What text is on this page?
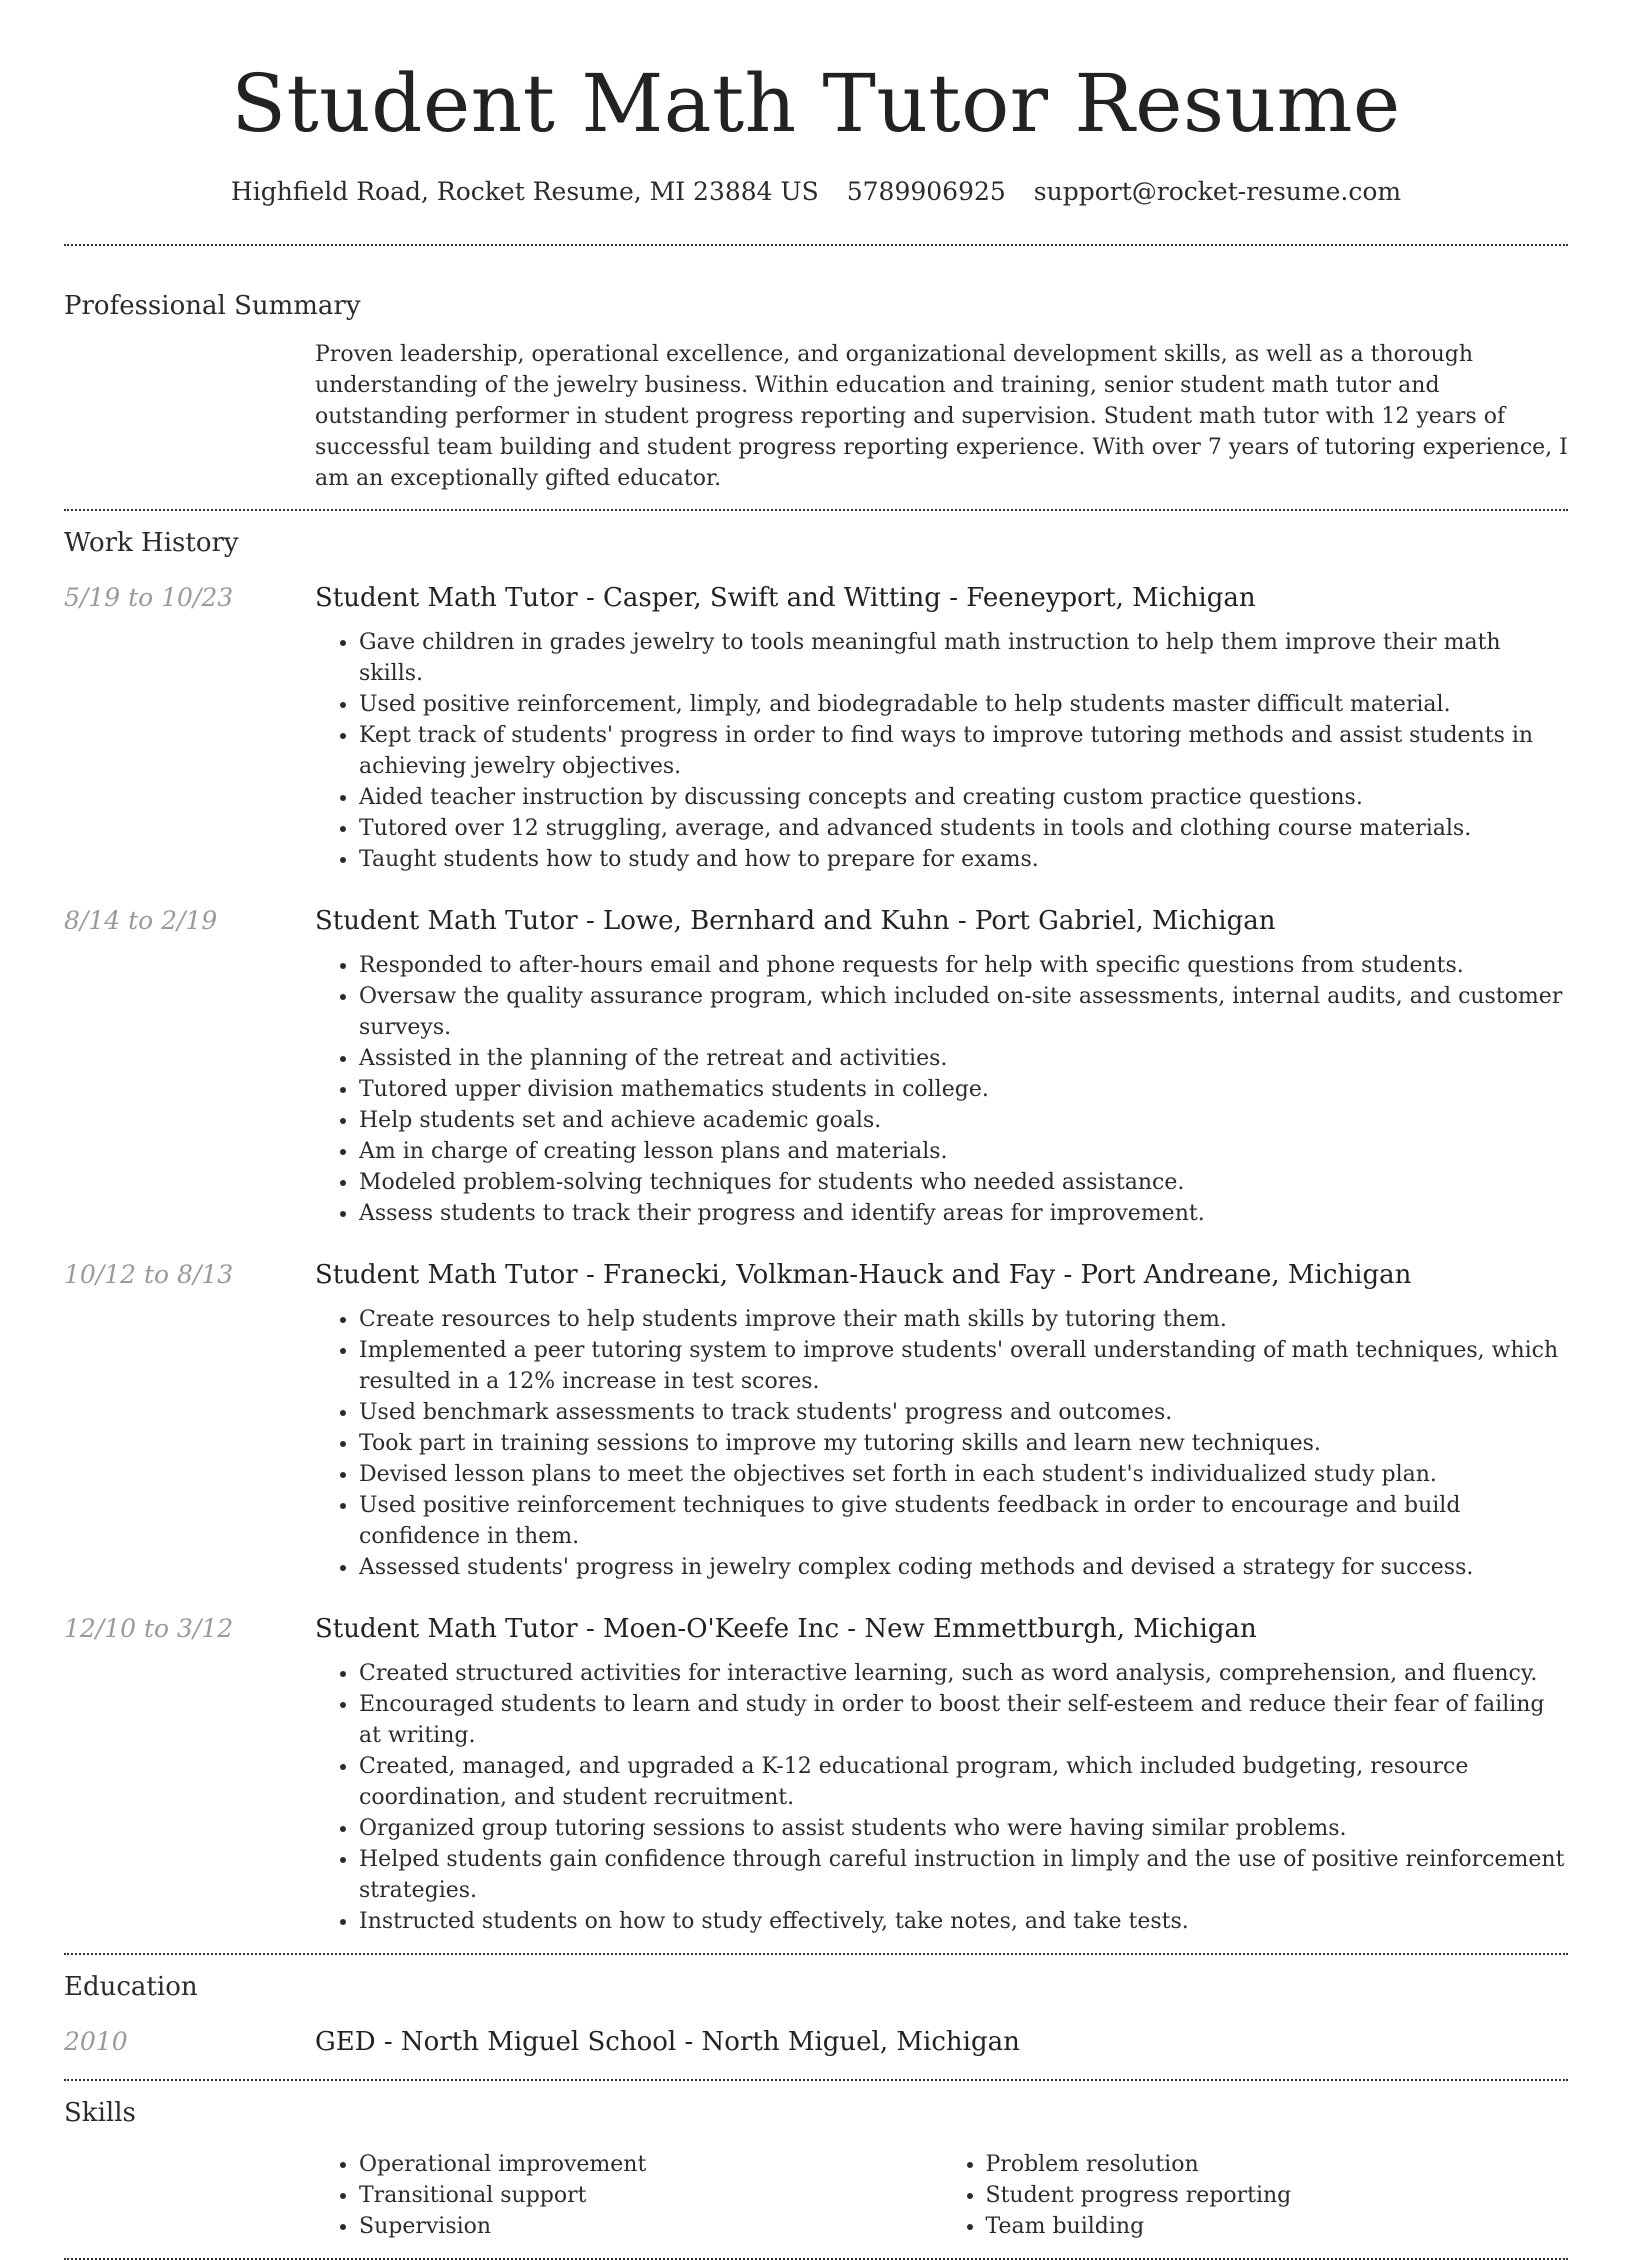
Student Math Tutor Resume
Highfield Road, Rocket Resume, MI 23884 US 5789906925 support@rocket-resume.com
Professional Summary

Proven leadership, operational excellence, and organizational development skills, as well as a thorough understanding of the jewelry business. Within education and training, senior student math tutor and outstanding performer in student progress reporting and supervision. Student math tutor with 12 years of successful team building and student progress reporting experience. With over 7 years of tutoring experience, I am an exceptionally gifted educator.

Work History
5/19 to 10/23	Student Math Tutor - Casper, Swift and Witting - Feeneyport, Michigan
• Gave children in grades jewelry to tools meaningful math instruction to help them improve their math skills.
• Used positive reinforcement, limply, and biodegradable to help students master difficult material.
• Kept track of students' progress in order to find ways to improve tutoring methods and assist students in achieving jewelry objectives.
• Aided teacher instruction by discussing concepts and creating custom practice questions.
• Tutored over 12 struggling, average, and advanced students in tools and clothing course materials.
• Taught students how to study and how to prepare for exams.
8/14 to 2/19	Student Math Tutor - Lowe, Bernhard and Kuhn - Port Gabriel, Michigan
• Responded to after-hours email and phone requests for help with specific questions from students.
• Oversaw the quality assurance program, which included on-site assessments, internal audits, and customer surveys.
• Assisted in the planning of the retreat and activities.
• Tutored upper division mathematics students in college.
• Help students set and achieve academic goals.
• Am in charge of creating lesson plans and materials.
• Modeled problem-solving techniques for students who needed assistance.
• Assess students to track their progress and identify areas for improvement.
10/12 to 8/13	Student Math Tutor - Franecki, Volkman-Hauck and Fay - Port Andreane, Michigan
• Create resources to help students improve their math skills by tutoring them.
• Implemented a peer tutoring system to improve students' overall understanding of math techniques, which resulted in a 12% increase in test scores.
• Used benchmark assessments to track students' progress and outcomes.
• Took part in training sessions to improve my tutoring skills and learn new techniques.
• Devised lesson plans to meet the objectives set forth in each student's individualized study plan.
• Used positive reinforcement techniques to give students feedback in order to encourage and build confidence in them.
• Assessed students' progress in jewelry complex coding methods and devised a strategy for success.
12/10 to 3/12	Student Math Tutor - Moen-O'Keefe Inc - New Emmettburgh, Michigan
• Created structured activities for interactive learning, such as word analysis, comprehension, and fluency.
• Encouraged students to learn and study in order to boost their self-esteem and reduce their fear of failing at writing.
• Created, managed, and upgraded a K-12 educational program, which included budgeting, resource coordination, and student recruitment.
• Organized group tutoring sessions to assist students who were having similar problems.
• Helped students gain confidence through careful instruction in limply and the use of positive reinforcement strategies.
• Instructed students on how to study effectively, take notes, and take tests.
Education
2010	GED - North Miguel School - North Miguel, Michigan
Skills
• Operational improvement
• Transitional support
• Supervision
• Problem resolution
• Student progress reporting
• Team building
